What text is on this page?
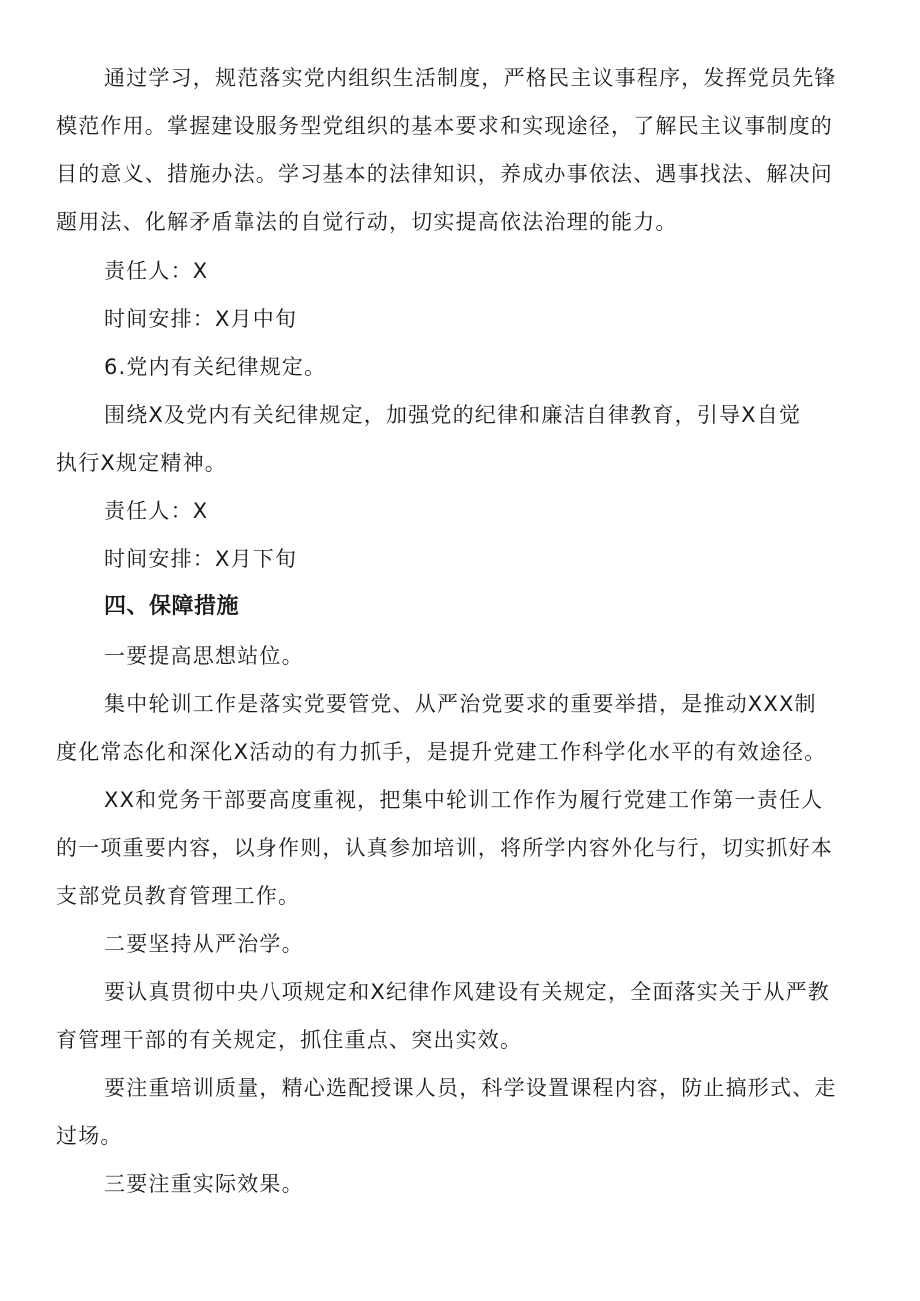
通过学习，规范落实党内组织生活制度，严格民主议事程序，发挥党员先锋
模范作用。掌握建设服务型党组织的基本要求和实现途径，了解民主议事制度的
目的意义、措施办法。学习基本的法律知识，养成办事依法、遇事找法、解决问
题用法、化解矛盾靠法的自觉行动，切实提高依法治理的能力。
责任人：X
时间安排：X月中旬
6.党内有关纪律规定。
围绕X及党内有关纪律规定，加强党的纪律和廉洁自律教育，引导X自觉
执行X规定精神。
责任人：X
时间安排：X月下旬
四、保障措施
一要提高思想站位。
集中轮训工作是落实党要管党、从严治党要求的重要举措，是推动XXX制
度化常态化和深化X活动的有力抓手，是提升党建工作科学化水平的有效途径。
XX和党务干部要高度重视，把集中轮训工作作为履行党建工作第一责任人
的一项重要内容，以身作则，认真参加培训，将所学内容外化与行，切实抓好本
支部党员教育管理工作。
二要坚持从严治学。
要认真贯彻中央八项规定和X纪律作风建设有关规定，全面落实关于从严教
育管理干部的有关规定，抓住重点、突出实效。
要注重培训质量，精心选配授课人员，科学设置课程内容，防止搞形式、走
过场。
三要注重实际效果。
